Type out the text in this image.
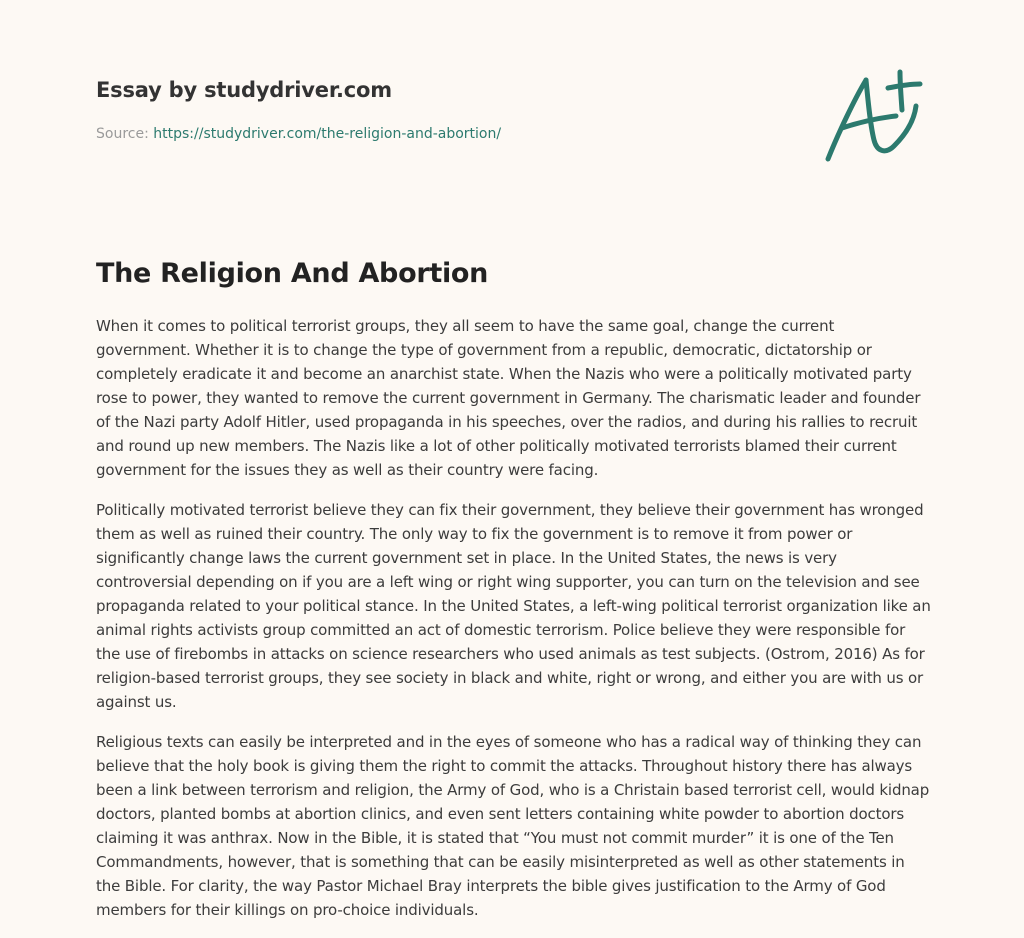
Essay by studydriver.com
Source: https://studydriver.com/the-religion-and-abortion/
The Religion And Abortion

When it comes to political terrorist groups, they all seem to have the same goal, change the current government. Whether it is to change the type of government from a republic, democratic, dictatorship or completely eradicate it and become an anarchist state. When the Nazis who were a politically motivated party rose to power, they wanted to remove the current government in Germany. The charismatic leader and founder of the Nazi party Adolf Hitler, used propaganda in his speeches, over the radios, and during his rallies to recruit and round up new members. The Nazis like a lot of other politically motivated terrorists blamed their current government for the issues they as well as their country were facing.

Politically motivated terrorist believe they can fix their government, they believe their government has wronged them as well as ruined their country. The only way to fix the government is to remove it from power or significantly change laws the current government set in place. In the United States, the news is very controversial depending on if you are a left wing or right wing supporter, you can turn on the television and see propaganda related to your political stance. In the United States, a left-wing political terrorist organization like an animal rights activists group committed an act of domestic terrorism. Police believe they were responsible for the use of firebombs in attacks on science researchers who used animals as test subjects. (Ostrom, 2016) As for religion-based terrorist groups, they see society in black and white, right or wrong, and either you are with us or against us.

Religious texts can easily be interpreted and in the eyes of someone who has a radical way of thinking they can believe that the holy book is giving them the right to commit the attacks. Throughout history there has always been a link between terrorism and religion, the Army of God, who is a Christain based terrorist cell, would kidnap doctors, planted bombs at abortion clinics, and even sent letters containing white powder to abortion doctors claiming it was anthrax. Now in the Bible, it is stated that “You must not commit murder” it is one of the Ten Commandments, however, that is something that can be easily misinterpreted as well as other statements in the Bible. For clarity, the way Pastor Michael Bray interprets the bible gives justification to the Army of God members for their killings on pro-choice individuals.
